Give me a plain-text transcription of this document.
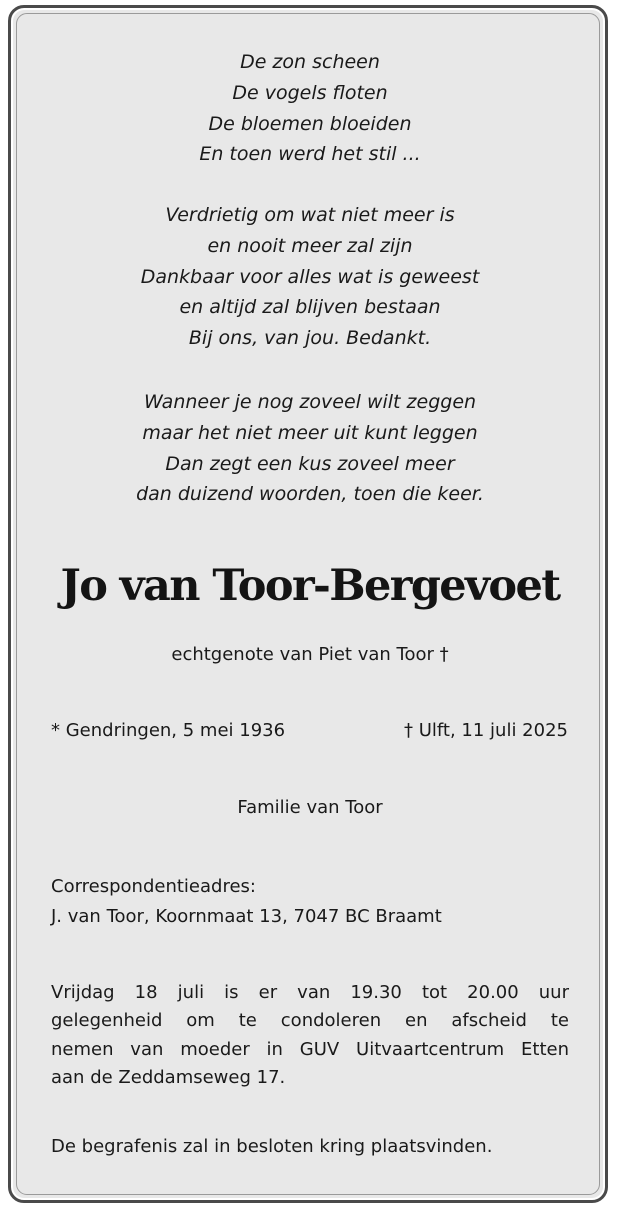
De zon scheen
De vogels floten
De bloemen bloeiden
En toen werd het stil ...
Verdrietig om wat niet meer is
en nooit meer zal zijn
Dankbaar voor alles wat is geweest
en altijd zal blijven bestaan
Bij ons, van jou. Bedankt.
Wanneer je nog zoveel wilt zeggen
maar het niet meer uit kunt leggen
Dan zegt een kus zoveel meer
dan duizend woorden, toen die keer.
Jo van Toor-Bergevoet
echtgenote van Piet van Toor †
* Gendringen, 5 mei 1936	† Ulft, 11 juli 2025
Familie van Toor
Correspondentieadres:
J. van Toor, Koornmaat 13, 7047 BC Braamt
Vrijdag 18 juli is er van 19.30 tot 20.00 uur
gelegenheid om te condoleren en afscheid te
nemen van moeder in GUV Uitvaartcentrum Etten
aan de Zeddamseweg 17.
De begrafenis zal in besloten kring plaatsvinden.
